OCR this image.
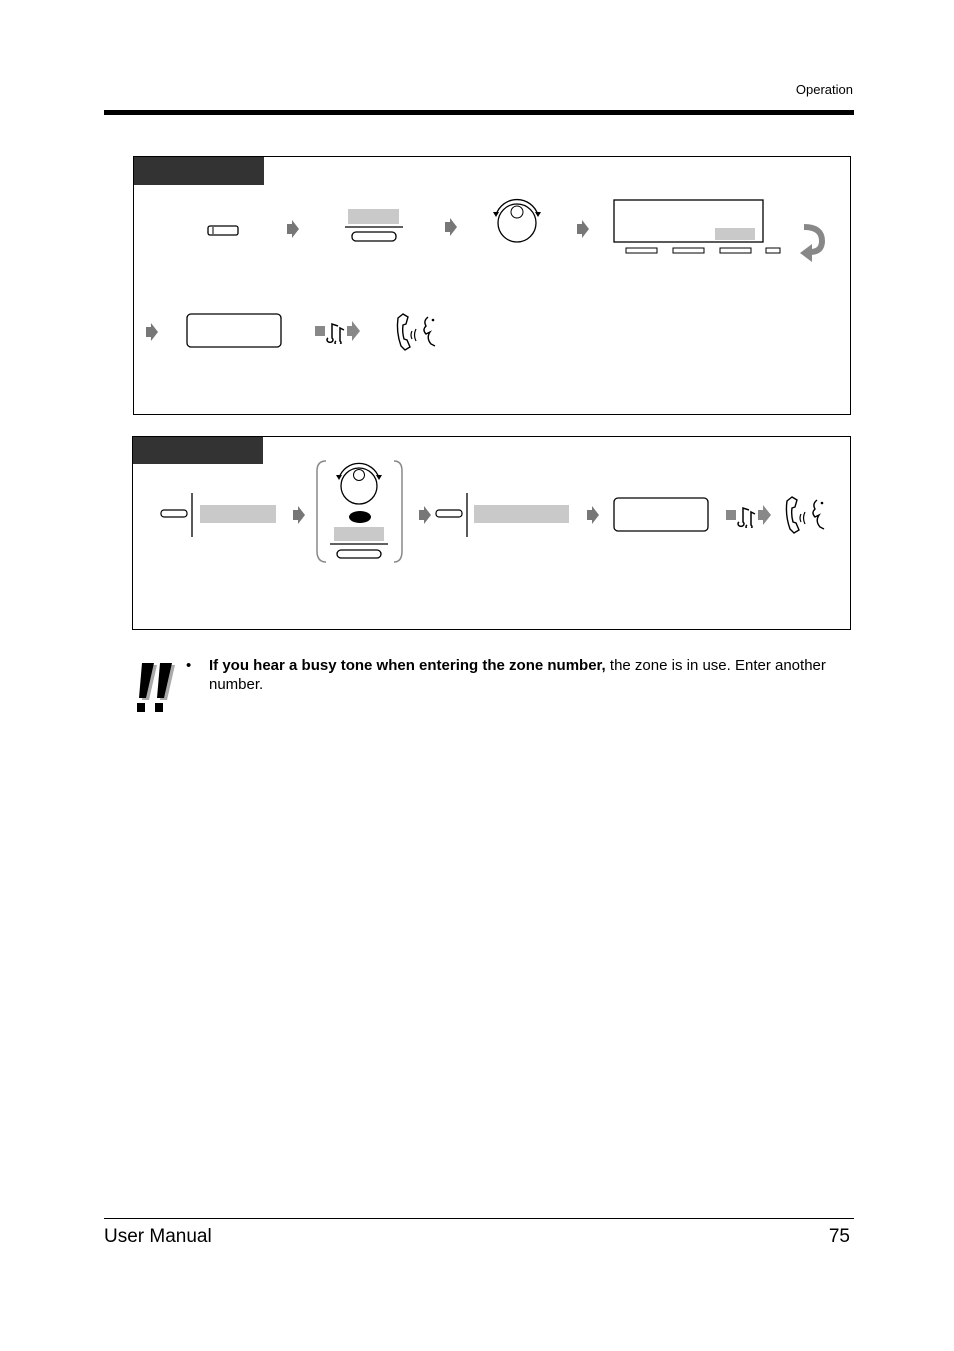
Operation
• If you hear a busy tone when entering the zone number, the zone is in use. Enter another number.
User Manual	75
